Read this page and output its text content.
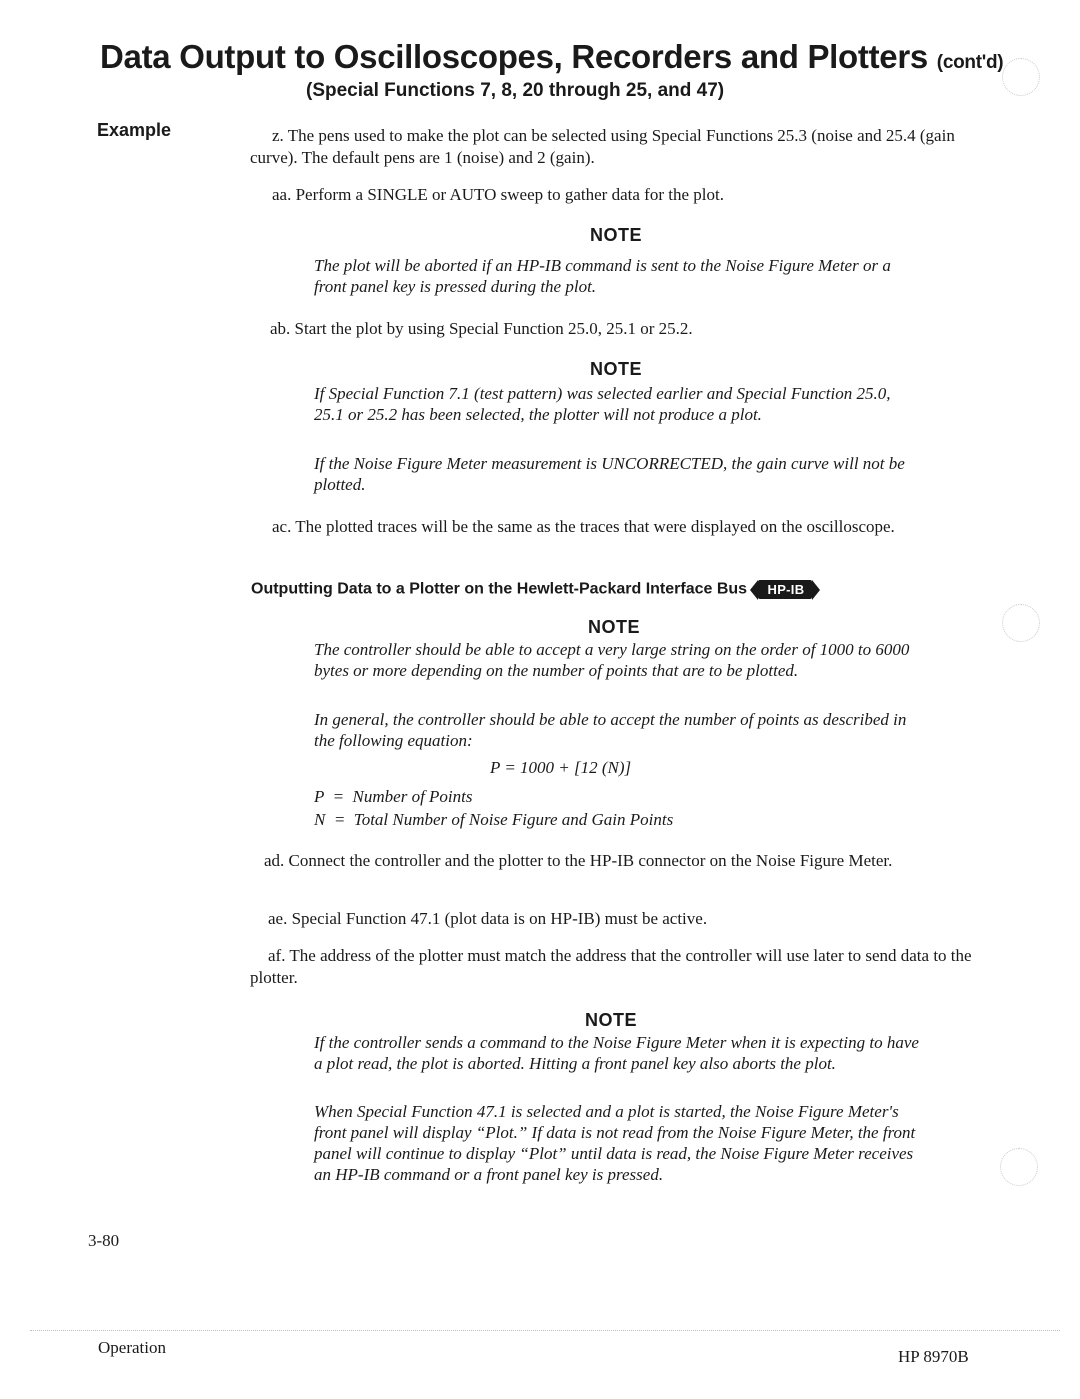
Data Output to Oscilloscopes, Recorders and Plotters (cont'd)
(Special Functions 7, 8, 20 through 25, and 47)
Example	z. The pens used to make the plot can be selected using Special Functions 25.3 (noise and 25.4 (gain curve). The default pens are 1 (noise) and 2 (gain).
aa. Perform a SINGLE or AUTO sweep to gather data for the plot.
NOTE
The plot will be aborted if an HP-IB command is sent to the Noise Figure Meter or a front panel key is pressed during the plot.
ab. Start the plot by using Special Function 25.0, 25.1 or 25.2.
NOTE
If Special Function 7.1 (test pattern) was selected earlier and Special Function 25.0, 25.1 or 25.2 has been selected, the plotter will not produce a plot.
If the Noise Figure Meter measurement is UNCORRECTED, the gain curve will not be plotted.
ac. The plotted traces will be the same as the traces that were displayed on the oscilloscope.
Outputting Data to a Plotter on the Hewlett-Packard Interface Bus HP-IB
NOTE
The controller should be able to accept a very large string on the order of 1000 to 6000 bytes or more depending on the number of points that are to be plotted.
In general, the controller should be able to accept the number of points as described in the following equation:
P = 1000 + [12 (N)]
P  =  Number of Points
N  =  Total Number of Noise Figure and Gain Points
ad. Connect the controller and the plotter to the HP-IB connector on the Noise Figure Meter.
ae. Special Function 47.1 (plot data is on HP-IB) must be active.
af. The address of the plotter must match the address that the controller will use later to send data to the plotter.
NOTE
If the controller sends a command to the Noise Figure Meter when it is expecting to have a plot read, the plot is aborted. Hitting a front panel key also aborts the plot.
When Special Function 47.1 is selected and a plot is started, the Noise Figure Meter's front panel will display “Plot.” If data is not read from the Noise Figure Meter, the front panel will continue to display “Plot” until data is read, the Noise Figure Meter receives an HP-IB command or a front panel key is pressed.
3-80
Operation	HP 8970B
